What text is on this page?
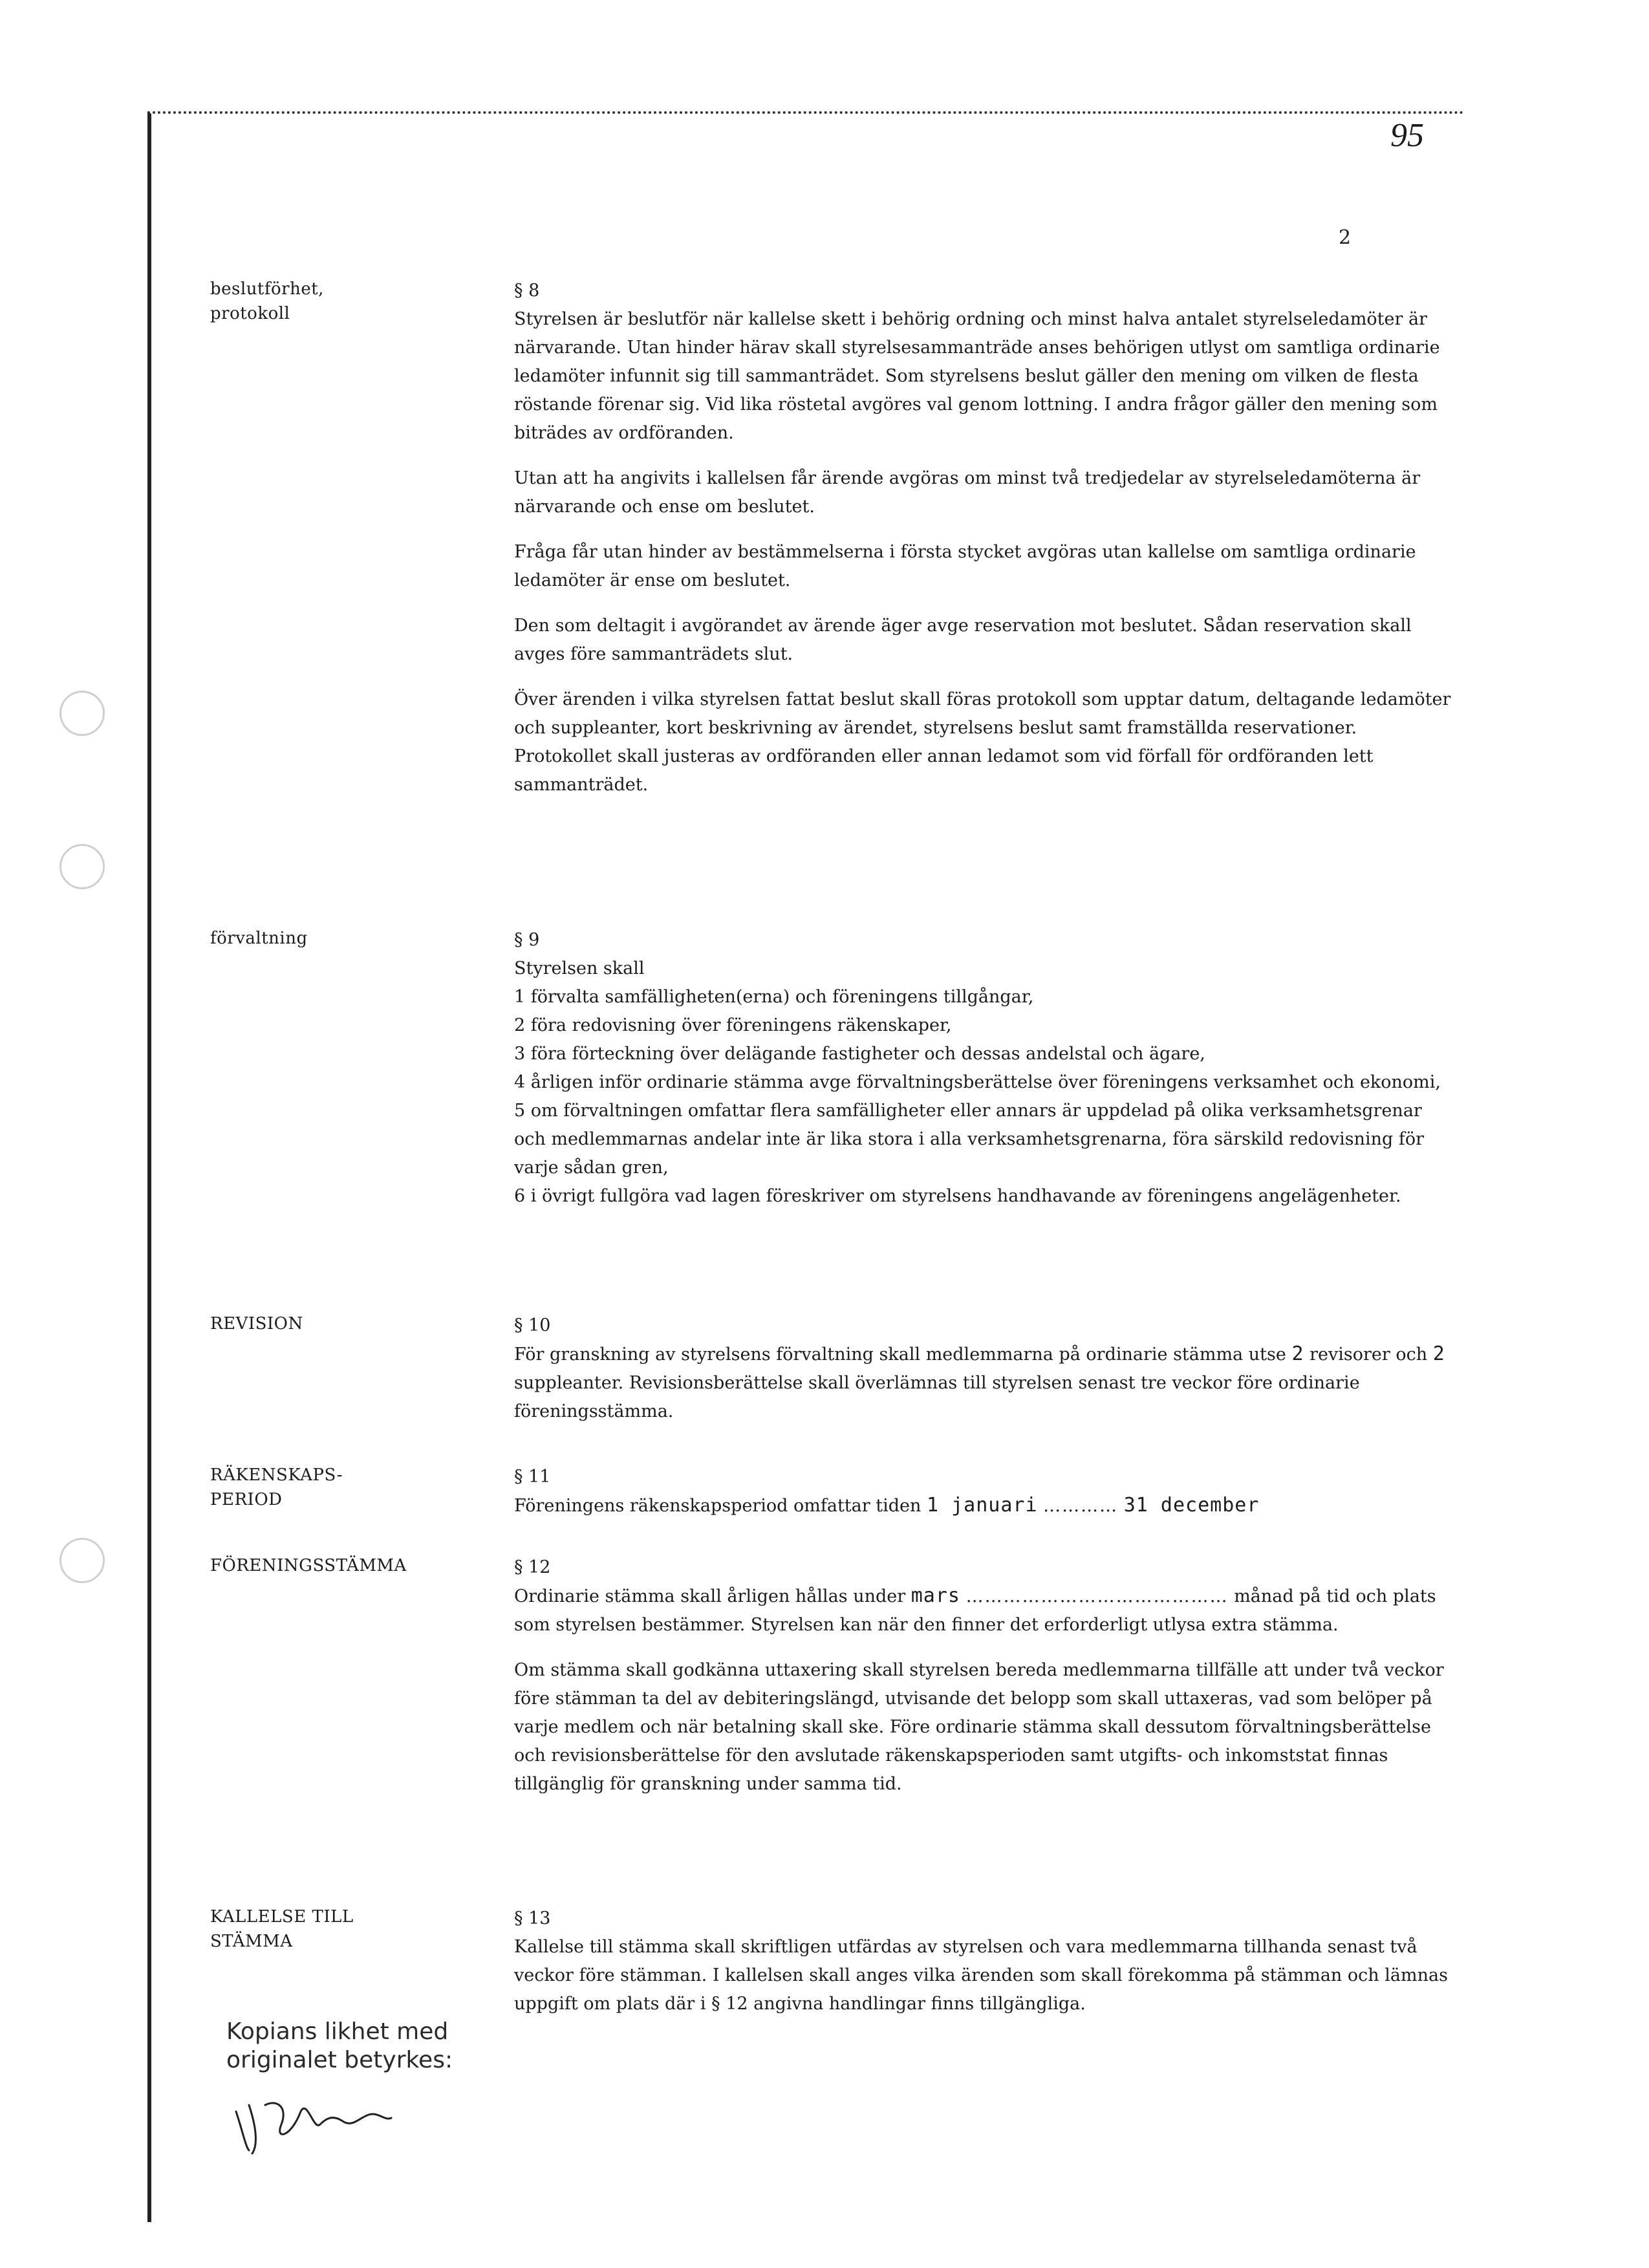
95
2
beslutförhet,
protokoll
förvaltning
REVISION
RÄKENSKAPS-
PERIOD
FÖRENINGSSTÄMMA
KALLELSE TILL
STÄMMA
§ 8

Styrelsen är beslutför när kallelse skett i behörig ordning och minst halva antalet styrelseledamöter är närvarande. Utan hinder härav skall styrelsesammanträde anses behörigen utlyst om samtliga ordinarie ledamöter infunnit sig till sammanträdet. Som styrelsens beslut gäller den mening om vilken de flesta röstande förenar sig. Vid lika röstetal avgöres val genom lottning. I andra frågor gäller den mening som biträdes av ordföranden.

Utan att ha angivits i kallelsen får ärende avgöras om minst två tredjedelar av styrelseledamöterna är närvarande och ense om beslutet.

Fråga får utan hinder av bestämmelserna i första stycket avgöras utan kallelse om samtliga ordinarie ledamöter är ense om beslutet.

Den som deltagit i avgörandet av ärende äger avge reservation mot beslutet. Sådan reservation skall avges före sammanträdets slut.

Över ärenden i vilka styrelsen fattat beslut skall föras protokoll som upptar datum, deltagande ledamöter och suppleanter, kort beskrivning av ärendet, styrelsens beslut samt framställda reservationer. Protokollet skall justeras av ordföranden eller annan ledamot som vid förfall för ordföranden lett sammanträdet.

§ 9
Styrelsen skall
1 förvalta samfälligheten(erna) och föreningens tillgångar,
2 föra redovisning över föreningens räkenskaper,
3 föra förteckning över delägande fastigheter och dessas andelstal och ägare,
4 årligen inför ordinarie stämma avge förvaltningsberättelse över föreningens verksamhet och ekonomi,
5 om förvaltningen omfattar flera samfälligheter eller annars är uppdelad på olika verksamhetsgrenar och medlemmarnas andelar inte är lika stora i alla verksamhetsgrenarna, föra särskild redovisning för varje sådan gren,
6 i övrigt fullgöra vad lagen föreskriver om styrelsens handhavande av föreningens angelägenheter.
§ 10
För granskning av styrelsens förvaltning skall medlemmarna på ordinarie stämma utse 2 revisorer och 2 suppleanter. Revisionsberättelse skall överlämnas till styrelsen senast tre veckor före ordinarie föreningsstämma.
§ 11
Föreningens räkenskapsperiod omfattar tiden 1 januari ………… 31 december
§ 12

Ordinarie stämma skall årligen hållas under mars …………………………………… månad på tid och plats som styrelsen bestämmer. Styrelsen kan när den finner det erforderligt utlysa extra stämma.

Om stämma skall godkänna uttaxering skall styrelsen bereda medlemmarna tillfälle att under två veckor före stämman ta del av debiteringslängd, utvisande det belopp som skall uttaxeras, vad som belöper på varje medlem och när betalning skall ske. Före ordinarie stämma skall dessutom förvaltningsberättelse och revisionsberättelse för den avslutade räkenskapsperioden samt utgifts- och inkomststat finnas tillgänglig för granskning under samma tid.

§ 13

Kallelse till stämma skall skriftligen utfärdas av styrelsen och vara medlemmarna tillhanda senast två veckor före stämman. I kallelsen skall anges vilka ärenden som skall förekomma på stämman och lämnas uppgift om plats där i § 12 angivna handlingar finns tillgängliga.

Kopians likhet med
originalet betyrkes:
